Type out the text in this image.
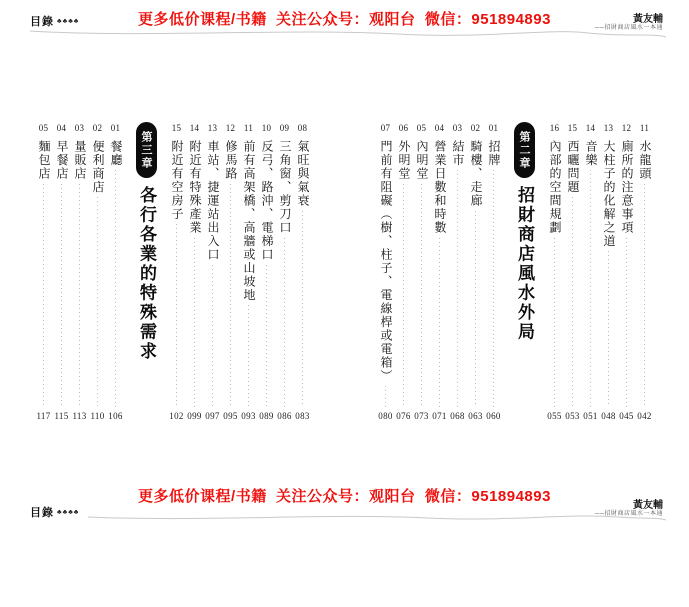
目錄 ♣♣♣♣	更多低价课程/书籍  关注公众号：观阳台  微信：951894893	黃友輔
──招財商店風水一本通
11
水龍頭
042
12
廁所的注意事項
045
13
大柱子的化解之道
048
14
音樂
051
15
西曬問題
053
16
內部的空間規劃
055
第二章
招財商店風水外局
01
招牌
060
02
騎樓、走廊
063
03
結市
068
04
營業日數和時數
071
05
內明堂
073
06
外明堂
076
07
門前有阻礙（樹、柱子、電線桿或電箱）
080
08
氣旺與氣衰
083
09
三角窗、剪刀口
086
10
反弓、路沖、電梯口
089
11
前有高架橋、高牆或山坡地
093
12
修馬路
095
13
車站、捷運站出入口
097
14
附近有特殊產業
099
15
附近有空房子
102
第三章
各行各業的特殊需求
01
餐廳
106
02
便利商店
110
03
量販店
113
04
早餐店
115
05
麵包店
117
目錄 ♣♣♣♣
更多低价课程/书籍  关注公众号：观阳台  微信：951894893
黃友輔
──招財商店風水一本通
